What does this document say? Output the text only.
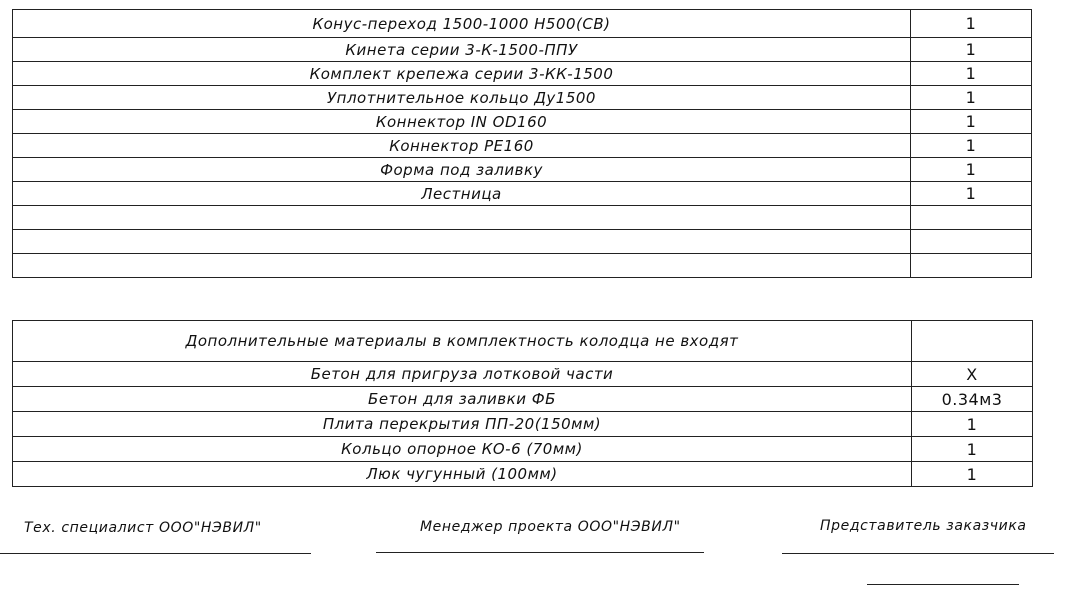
Конус-переход 1500-1000 Н500(СВ)	1
Кинета серии 3-К-1500-ППУ	1
Комплект крепежа серии 3-КК-1500	1
Уплотнительное кольцо Ду1500	1
Коннектор IN OD160	1
Коннектор PE160	1
Форма под заливку	1
Лестница	1

Дополнительные материалы в комплектность колодца не входят	
Бетон для пригруза лотковой части	Х
Бетон для заливки ФБ	0.34м3
Плита перекрытия ПП-20(150мм)	1
Кольцо опорное КО-6 (70мм)	1
Люк чугунный (100мм)	1
Тех. специалист ООО"НЭВИЛ"	Менеджер проекта ООО"НЭВИЛ"	Представитель заказчика
